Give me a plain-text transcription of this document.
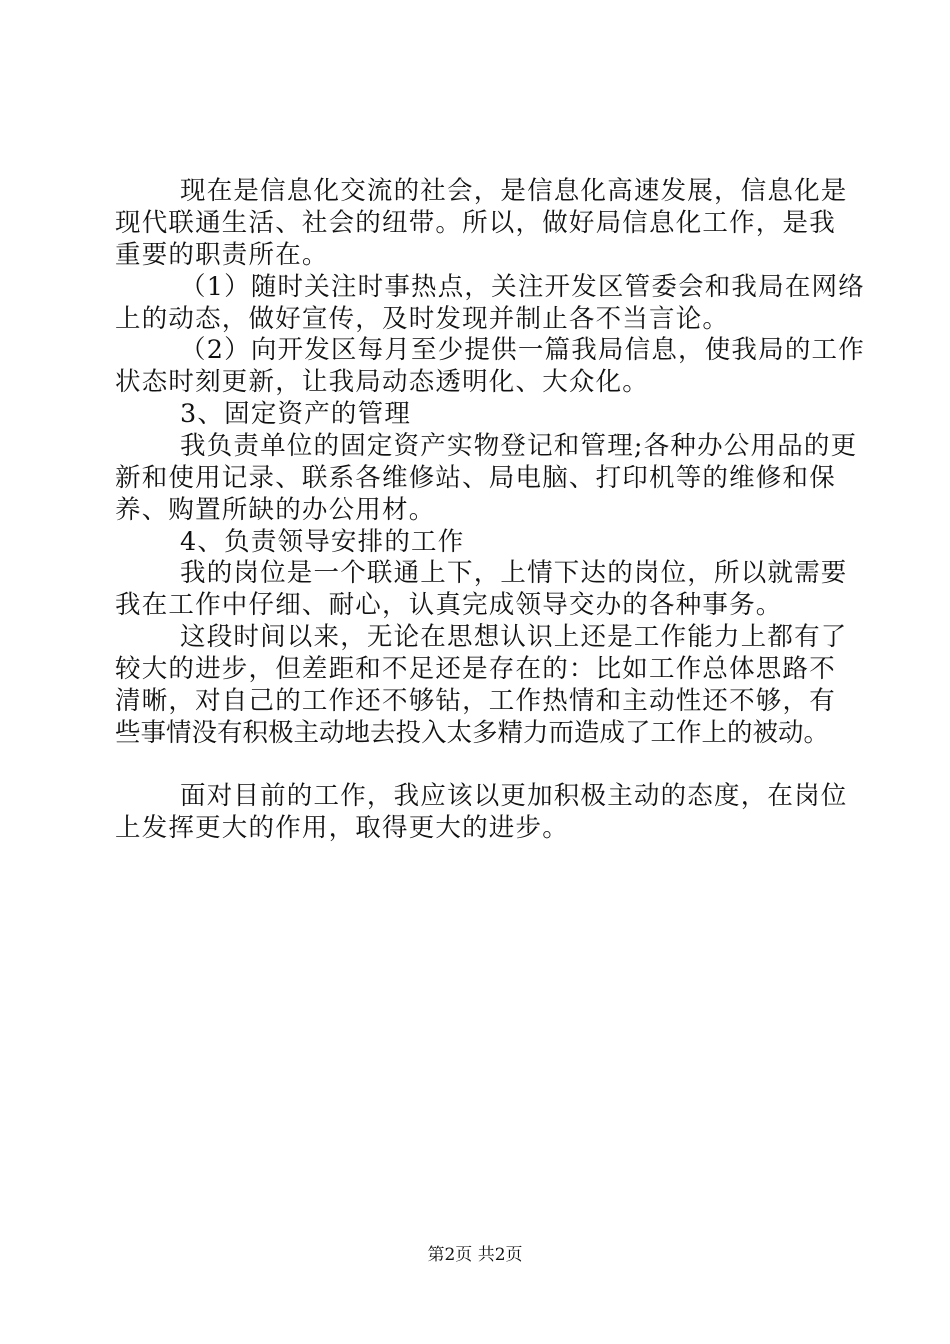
现在是信息化交流的社会，是信息化高速发展，信息化是
现代联通生活、社会的纽带。所以，做好局信息化工作，是我
重要的职责所在。
（1）随时关注时事热点，关注开发区管委会和我局在网络
上的动态，做好宣传，及时发现并制止各不当言论。
（2）向开发区每月至少提供一篇我局信息，使我局的工作
状态时刻更新，让我局动态透明化、大众化。
3、固定资产的管理
我负责单位的固定资产实物登记和管理;各种办公用品的更
新和使用记录、联系各维修站、局电脑、打印机等的维修和保
养、购置所缺的办公用材。
4、负责领导安排的工作
我的岗位是一个联通上下，上情下达的岗位，所以就需要
我在工作中仔细、耐心，认真完成领导交办的各种事务。
这段时间以来，无论在思想认识上还是工作能力上都有了
较大的进步，但差距和不足还是存在的：比如工作总体思路不
清晰，对自己的工作还不够钻，工作热情和主动性还不够，有
些事情没有积极主动地去投入太多精力而造成了工作上的被动。
面对目前的工作，我应该以更加积极主动的态度，在岗位
上发挥更大的作用，取得更大的进步。
第2页 共2页
